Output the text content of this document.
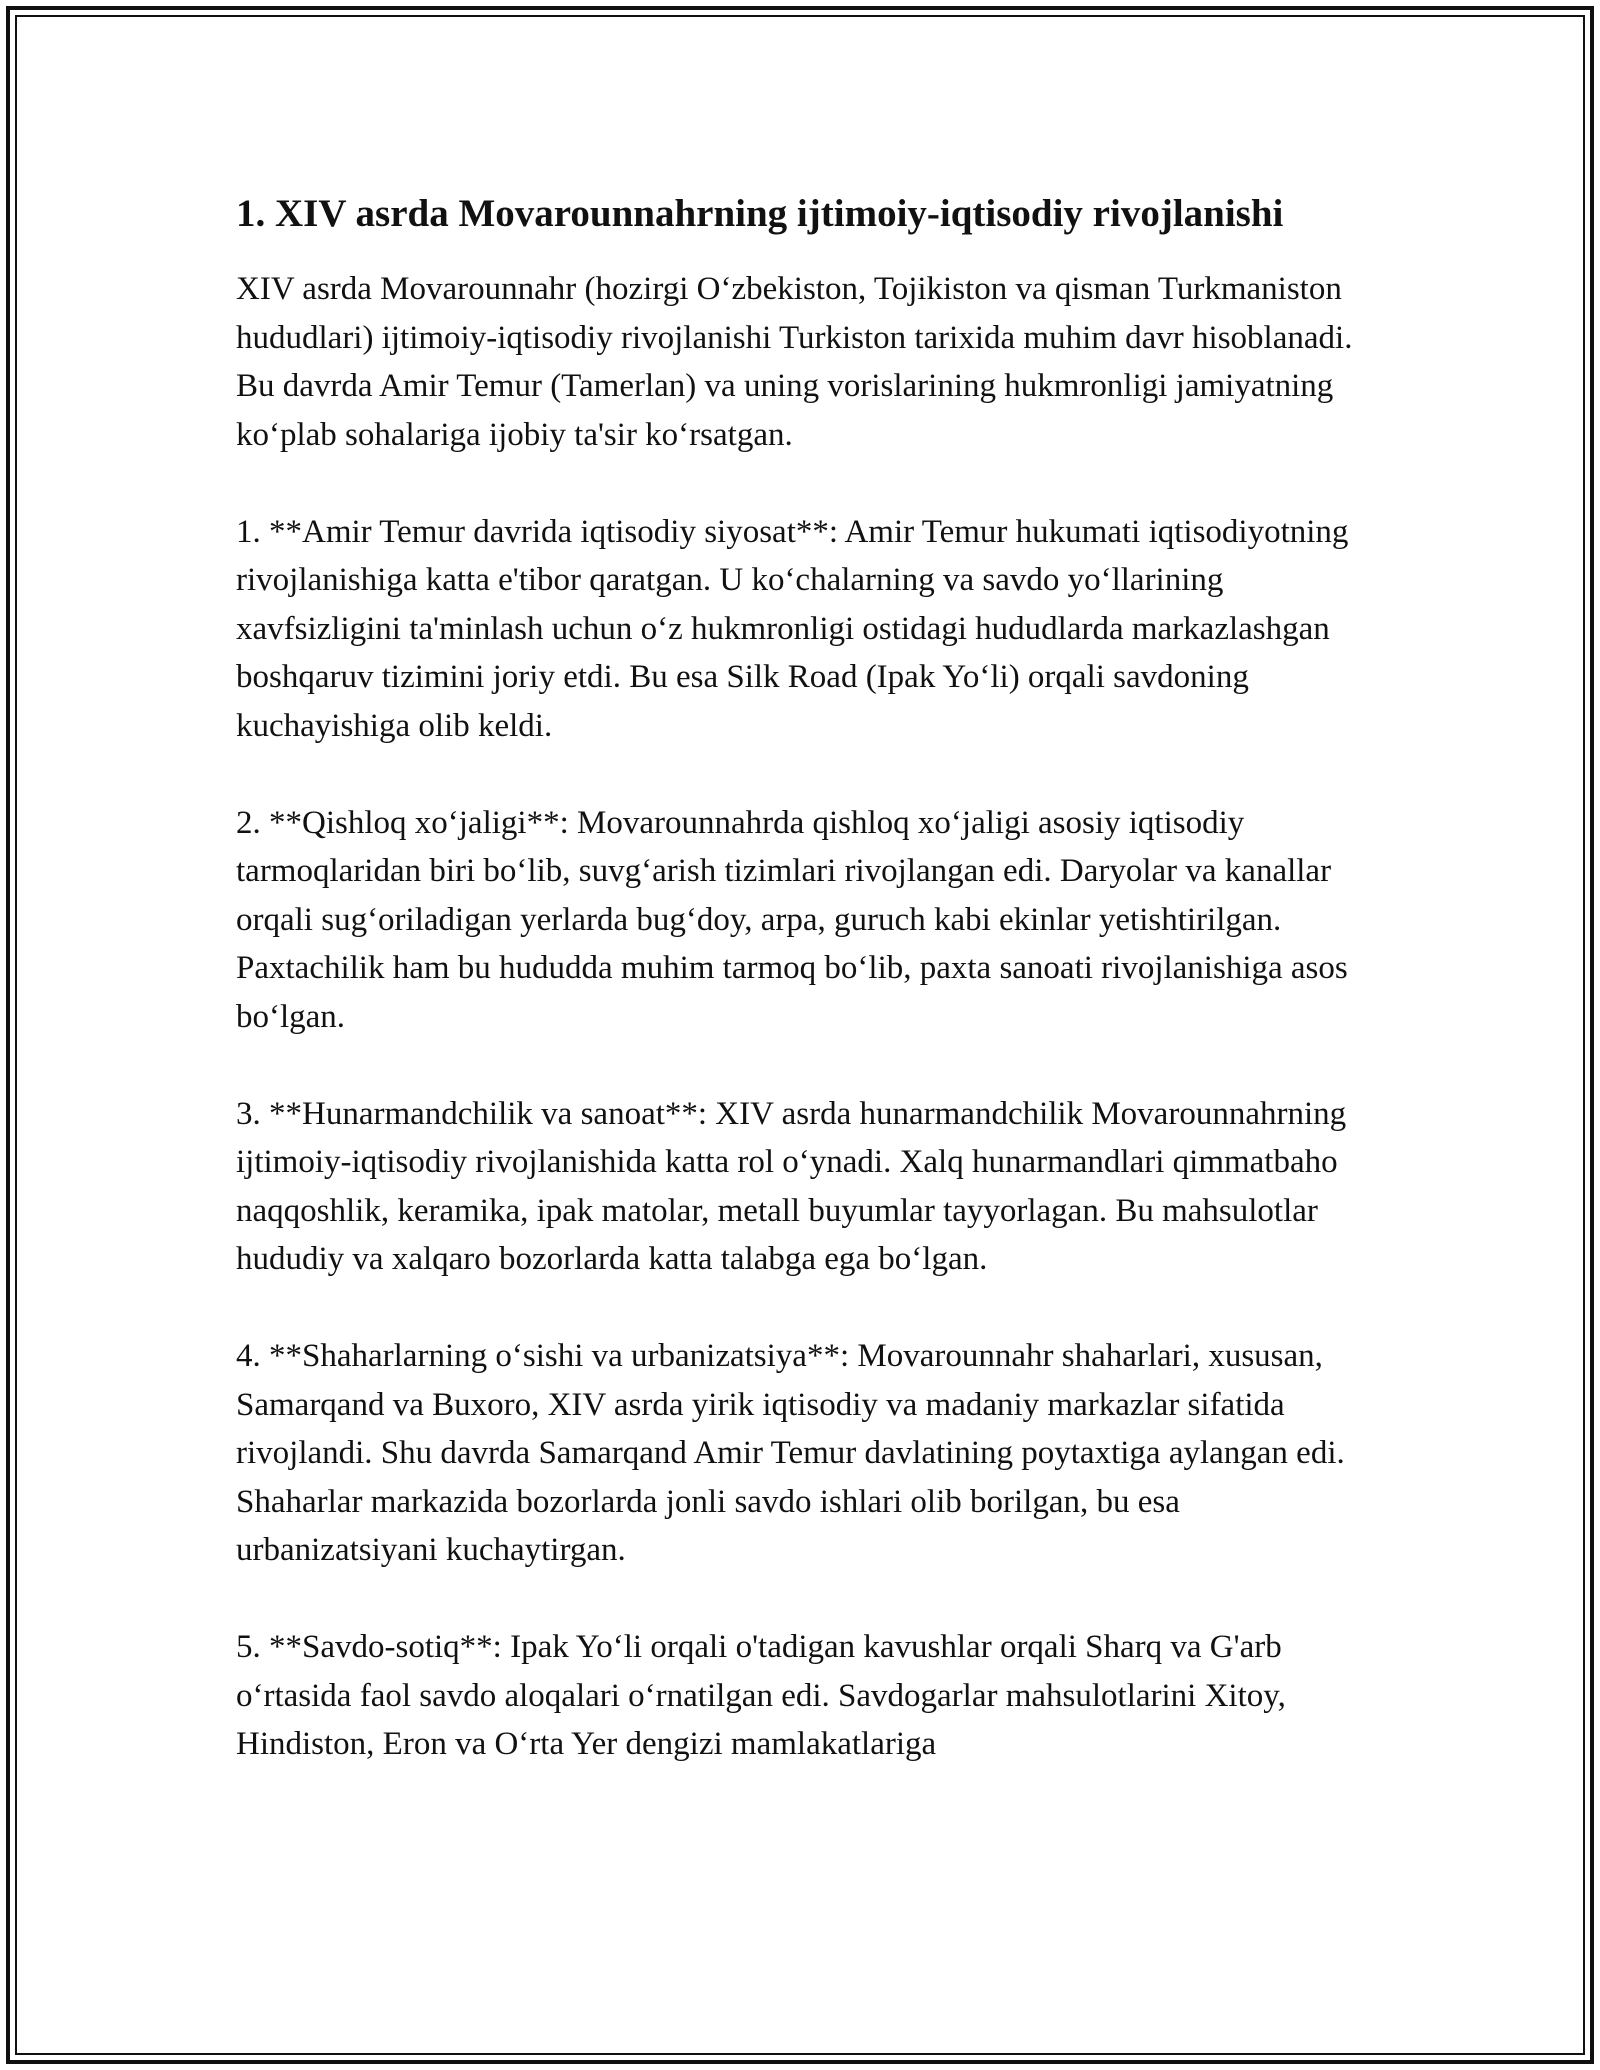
1. XIV asrda Movarounnahrning ijtimoiy-iqtisodiy rivojlanishi

XIV asrda Movarounnahr (hozirgi O‘zbekiston, Tojikiston va qisman Turkmaniston hududlari) ijtimoiy-iqtisodiy rivojlanishi Turkiston tarixida muhim davr hisoblanadi. Bu davrda Amir Temur (Tamerlan) va uning vorislarining hukmronligi jamiyatning ko‘plab sohalariga ijobiy ta'sir ko‘rsatgan.

1. **Amir Temur davrida iqtisodiy siyosat**: Amir Temur hukumati iqtisodiyotning rivojlanishiga katta e'tibor qaratgan. U ko‘chalarning va savdo yo‘llarining xavfsizligini ta'minlash uchun o‘z hukmronligi ostidagi hududlarda markazlashgan boshqaruv tizimini joriy etdi. Bu esa Silk Road (Ipak Yo‘li) orqali savdoning kuchayishiga olib keldi.

2. **Qishloq xo‘jaligi**: Movarounnahrda qishloq xo‘jaligi asosiy iqtisodiy tarmoqlaridan biri bo‘lib, suvg‘arish tizimlari rivojlangan edi. Daryolar va kanallar orqali sug‘oriladigan yerlarda bug‘doy, arpa, guruch kabi ekinlar yetishtirilgan. Paxtachilik ham bu hududda muhim tarmoq bo‘lib, paxta sanoati rivojlanishiga asos bo‘lgan.

3. **Hunarmandchilik va sanoat**: XIV asrda hunarmandchilik Movarounnahrning ijtimoiy-iqtisodiy rivojlanishida katta rol o‘ynadi. Xalq hunarmandlari qimmatbaho naqqoshlik, keramika, ipak matolar, metall buyumlar tayyorlagan. Bu mahsulotlar hududiy va xalqaro bozorlarda katta talabga ega bo‘lgan.

4. **Shaharlarning o‘sishi va urbanizatsiya**: Movarounnahr shaharlari, xususan, Samarqand va Buxoro, XIV asrda yirik iqtisodiy va madaniy markazlar sifatida rivojlandi. Shu davrda Samarqand Amir Temur davlatining poytaxtiga aylangan edi. Shaharlar markazida bozorlarda jonli savdo ishlari olib borilgan, bu esa urbanizatsiyani kuchaytirgan.

5. **Savdo-sotiq**: Ipak Yo‘li orqali o'tadigan kavushlar orqali Sharq va G'arb o‘rtasida faol savdo aloqalari o‘rnatilgan edi. Savdogarlar mahsulotlarini Xitoy, Hindiston, Eron va O‘rta Yer dengizi mamlakatlariga
